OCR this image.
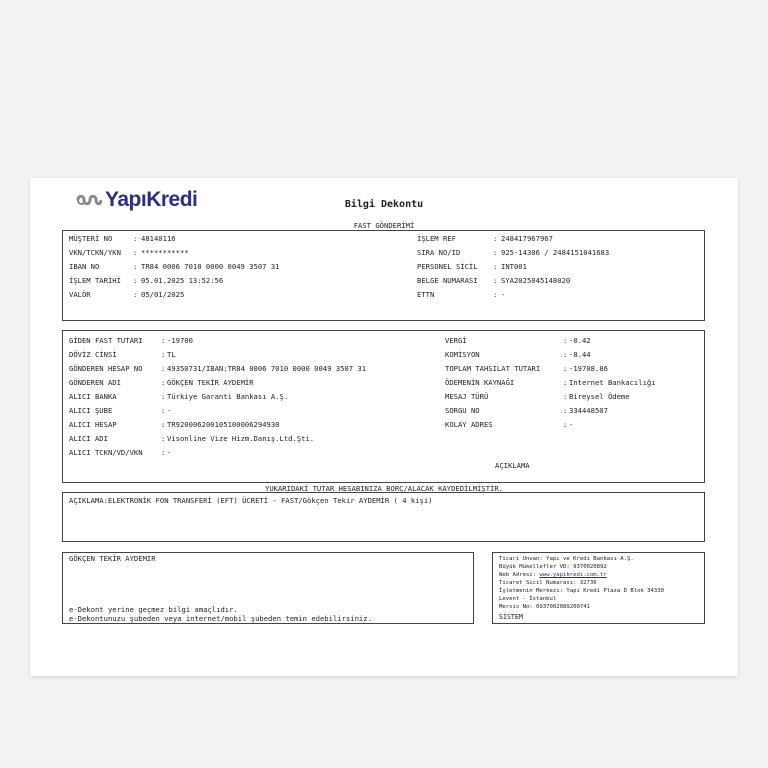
YapıKredi	Bilgi Dekontu
FAST GÖNDERİMİ
MÜŞTERİ NO	: 48140116
VKN/TCKN/YKN : ***********
IBAN NO	: TR84 0006 7010 0000 0049 3507 31
İŞLEM TARİHİ : 05.01.2025 13:52:56
VALÖR	: 05/01/2025
İŞLEM REF	: 248417967967
SIRA NO/ID	: 925-14306 / 2484151041683
PERSONEL SİCİL : INT001
BELGE NUMARASI : SYA2025045148020
ETTN	: -
GİDEN FAST TUTARI	: -19700
DÖVİZ CİNSİ	: TL
GÖNDEREN HESAP NO	: 49350731/IBAN:TR84 0006 7010 0000 0049 3507 31
GÖNDEREN ADI	: GÖKÇEN TEKİR AYDEMİR
ALICI BANKA	: Türkiye Garanti Bankası A.Ş.
ALICI ŞUBE	: -
ALICI HESAP	: TR920006200105100006294930
ALICI ADI	: Visonline Vize Hizm.Danış.Ltd.Şti.
ALICI TCKN/VD/VKN	: -
VERGİ	: -0.42
KOMİSYON	: -8.44
TOPLAM TAHSİLAT TUTARI	: -19708.86
ÖDEMENİN KAYNAĞI	: Internet Bankacılığı
MESAJ TÜRÜ	: Bireysel Ödeme
SORGU NO	: 334448507
KOLAY ADRES	: -
AÇIKLAMA
YUKARIDAKİ TUTAR HESABINIZA BORÇ/ALACAK KAYDEDİLMİŞTİR.
AÇIKLAMA:ELEKTRONİK FON TRANSFERİ (EFT) ÜCRETİ - FAST/Gökçen Tekir AYDEMİR ( 4 kişi)
GÖKÇEN TEKİR AYDEMİR
e-Dekont yerine geçmez bilgi amaçlıdır.
e-Dekontunuzu şubeden veya internet/mobil şubeden temin edebilirsiniz.
Ticari Unvan: Yapı ve Kredi Bankası A.Ş.
Büyük Mükellefler VD: 9370020892
Web Adresi: www.yapikredi.com.tr
Ticaret Sicil Numarası: 32736
İşletmenin Merkezi: Yapı Kredi Plaza D Blok 34330
Levent - İstanbul
Mersis No: 0937002089200741
SİSTEM
